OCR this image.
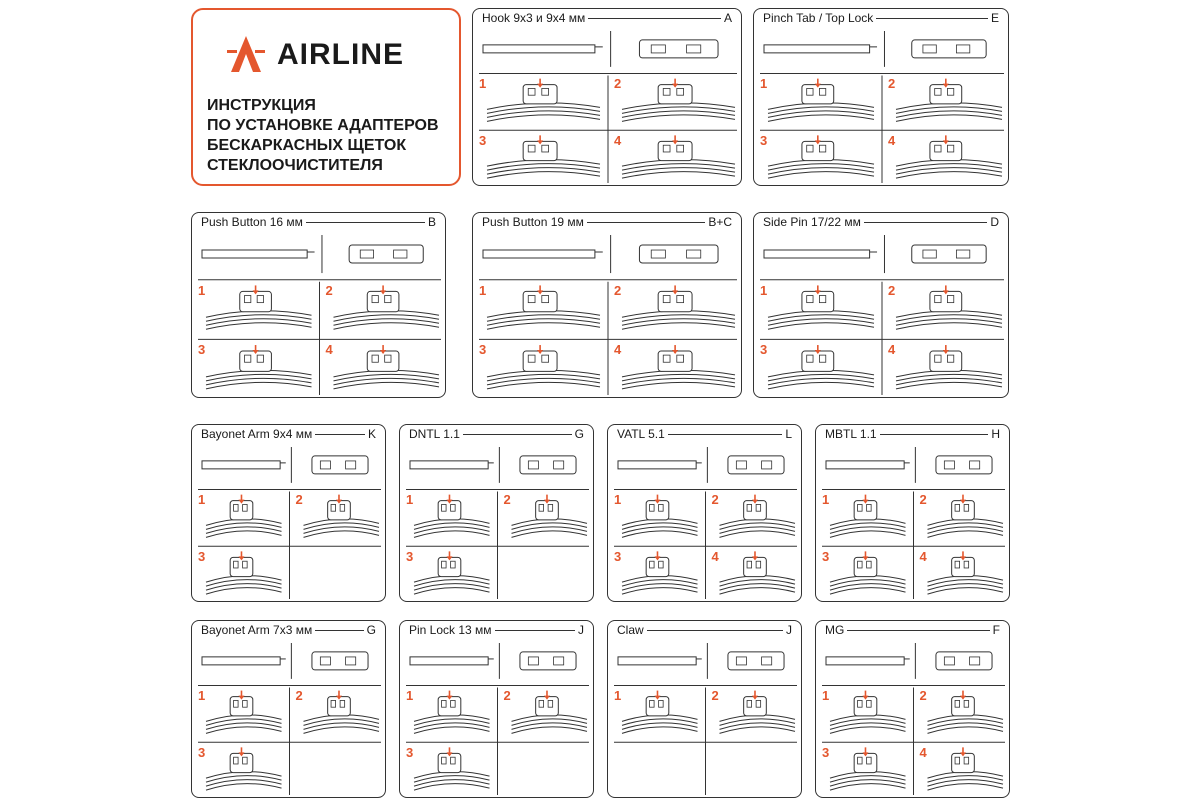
AIRLINE
ИНСТРУКЦИЯ
ПО УСТАНОВКЕ АДАПТЕРОВ
БЕСКАРКАСНЫХ ЩЕТОК
СТЕКЛООЧИСТИТЕЛЯ
Hook 9x3 и 9x4 мм	A
1	2
3	4
Pinch Tab / Top Lock	E
1	2
3	4
Push Button 16 мм	B
1	2
3	4
Push Button 19 мм	B+C
1	2
3	4
Side Pin 17/22 мм	D
1	2
3	4
Bayonet Arm 9x4 мм	K
1	2
3
DNTL 1.1	G
1	2
3
VATL 5.1	L
1	2
3	4
MBTL 1.1	H
1	2
3	4
Bayonet Arm 7x3 мм	G
1	2
3
Pin Lock 13 мм	J
1	2
3
Claw	J
1	2
MG	F
1	2
3	4
